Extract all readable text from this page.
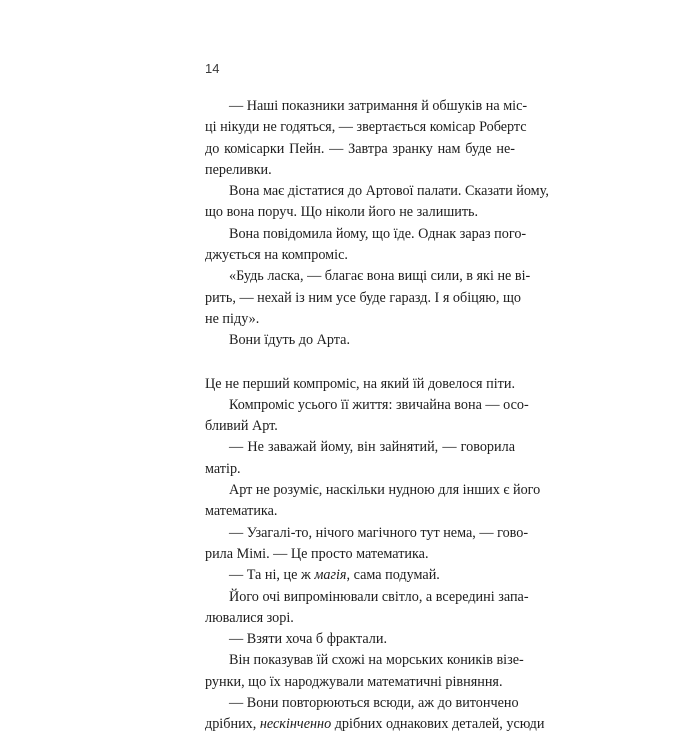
14
— Наші показники затримання й обшуків на міс-
ці нікуди не годяться, — звертається комісар Робертс
до комісарки Пейн. — Завтра зранку нам буде не-
переливки.
Вона має дістатися до Артової палати. Сказати йому,
що вона поруч. Що ніколи його не залишить.
Вона повідомила йому, що їде. Однак зараз пого-
джується на компроміс.
«Будь ласка, — благає вона вищі сили, в які не ві-
рить, — нехай із ним усе буде гаразд. І я обіцяю, що
не піду».
Вони їдуть до Арта.
Це не перший компроміс, на який їй довелося піти.
Компроміс усього її життя: звичайна вона — осо-
бливий Арт.
— Не заважай йому, він зайнятий, — говорила
матір.
Арт не розуміє, наскільки нудною для інших є його
математика.
— Узагалі-то, нічого магічного тут нема, — гово-
рила Мімі. — Це просто математика.
— Та ні, це ж магія, сама подумай.
Його очі випромінювали світло, а всередині запа-
лювалися зорі.
— Взяти хоча б фрактали.
Він показував їй схожі на морських коників візе-
рунки, що їх народжували математичні рівняння.
— Вони повторюються всюди, аж до витончено
дрібних, нескінченно дрібних однакових деталей, усюди
